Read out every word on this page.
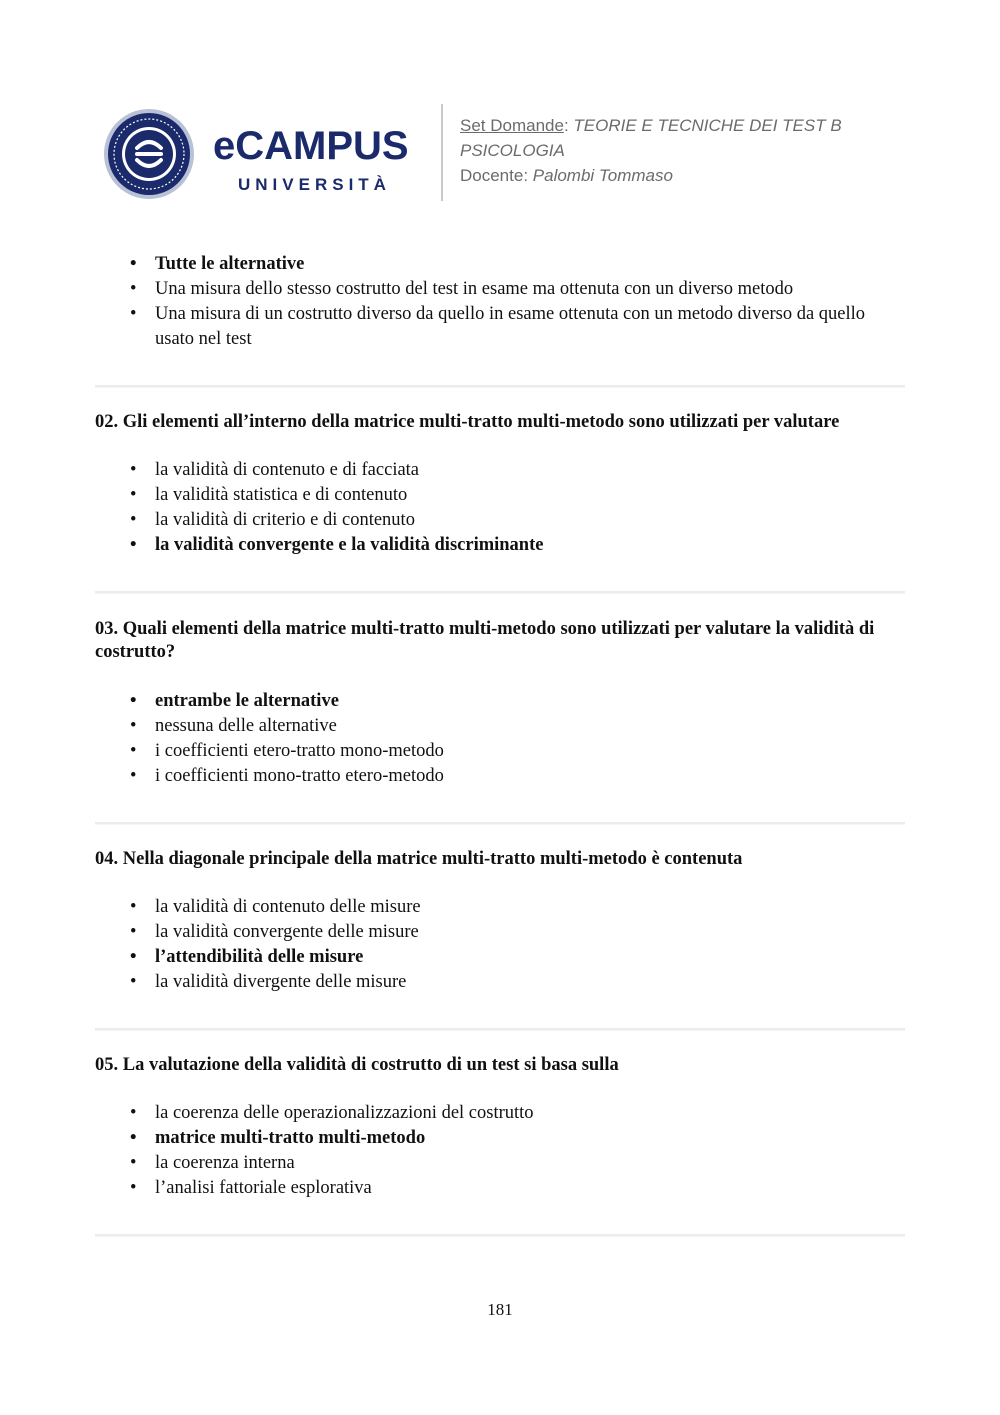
eCAMPUS
UNIVERSITÀ
Set Domande: TEORIE E TECNICHE DEI TEST B
PSICOLOGIA
Docente: Palombi Tommaso
• Tutte le alternative
• Una misura dello stesso costrutto del test in esame ma ottenuta con un diverso metodo
• Una misura di un costrutto diverso da quello in esame ottenuta con un metodo diverso da quello usato nel test
02. Gli elementi all’interno della matrice multi-tratto multi-metodo sono utilizzati per valutare
• la validità di contenuto e di facciata
• la validità statistica e di contenuto
• la validità di criterio e di contenuto
• la validità convergente e la validità discriminante
03. Quali elementi della matrice multi-tratto multi-metodo sono utilizzati per valutare la validità di costrutto?
• entrambe le alternative
• nessuna delle alternative
• i coefficienti etero-tratto mono-metodo
• i coefficienti mono-tratto etero-metodo
04. Nella diagonale principale della matrice multi-tratto multi-metodo è contenuta
• la validità di contenuto delle misure
• la validità convergente delle misure
• l’attendibilità delle misure
• la validità divergente delle misure
05. La valutazione della validità di costrutto di un test si basa sulla
• la coerenza delle operazionalizzazioni del costrutto
• matrice multi-tratto multi-metodo
• la coerenza interna
• l’analisi fattoriale esplorativa
181
